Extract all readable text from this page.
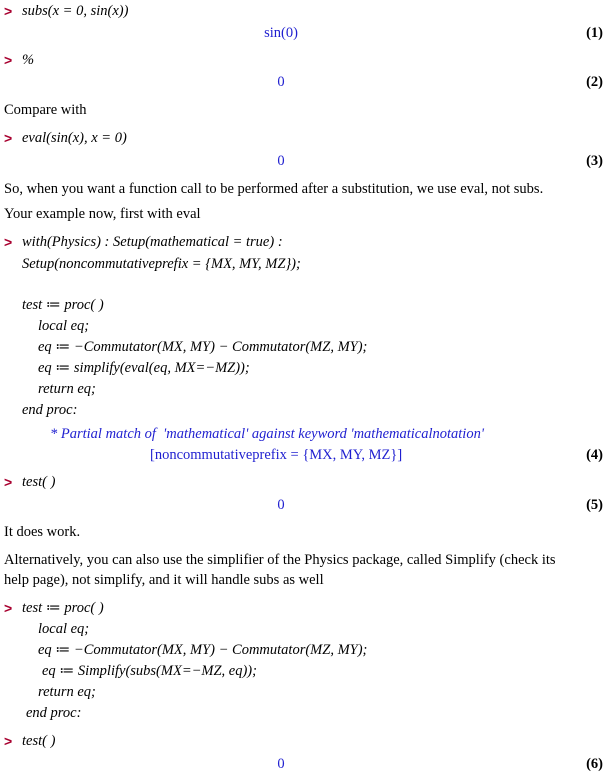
> subs(x = 0, sin(x))
sin(0)	(1)
> %
0	(2)
Compare with
> eval(sin(x), x = 0)
0	(3)
So, when you want a function call to be performed after a substitution, we use eval, not subs.
Your example now, first with eval
> with(Physics) : Setup(mathematical = true) :
Setup(noncommutativeprefix = {MX, MY, MZ});
test ≔ proc( )
local eq;
eq ≔ −Commutator(MX, MY) − Commutator(MZ, MY);
eq ≔ simplify(eval(eq, MX=−MZ));
return eq;
end proc:
* Partial match of  'mathematical' against keyword 'mathematicalnotation'
[noncommutativeprefix = {MX, MY, MZ}]	(4)
> test( )
0	(5)
It does work.
Alternatively, you can also use the simplifier of the Physics package, called Simplify (check its
help page), not simplify, and it will handle subs as well
> test ≔ proc( )
local eq;
eq ≔ −Commutator(MX, MY) − Commutator(MZ, MY);
eq ≔ Simplify(subs(MX=−MZ, eq));
return eq;
end proc:
> test( )
0	(6)
